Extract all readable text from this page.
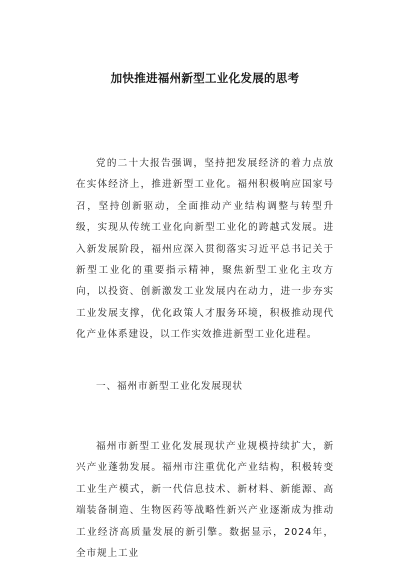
加快推进福州新型工业化发展的思考

党的二十大报告强调，坚持把发展经济的着力点放在实体经济上，推进新型工业化。福州积极响应国家号召，坚持创新驱动，全面推动产业结构调整与转型升级，实现从传统工业化向新型工业化的跨越式发展。进入新发展阶段，福州应深入贯彻落实习近平总书记关于新型工业化的重要指示精神，聚焦新型工业化主攻方向，以投资、创新激发工业发展内在动力，进一步夯实工业发展支撑，优化政策人才服务环境，积极推动现代化产业体系建设，以工作实效推进新型工业化进程。

一、福州市新型工业化发展现状

福州市新型工业化发展现状产业规模持续扩大，新兴产业蓬勃发展。福州市注重优化产业结构，积极转变工业生产模式，新一代信息技术、新材料、新能源、高端装备制造、生物医药等战略性新兴产业逐渐成为推动工业经济高质量发展的新引擎。数据显示，2024年，全市规上工业
